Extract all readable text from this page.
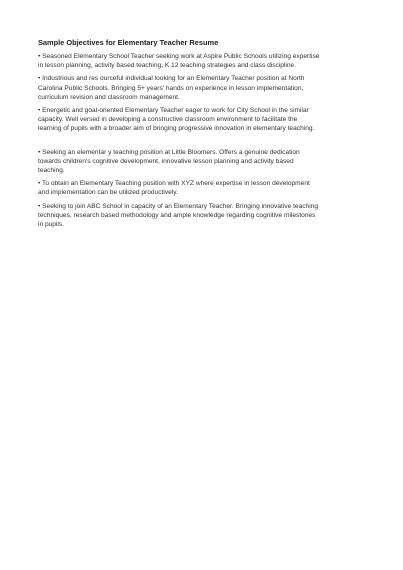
Sample Objectives for Elementary Teacher Resume

• Seasoned Elementary School Teacher seeking work at Aspire Public Schools utilizing expertise
in lesson planning, activity based teaching, K 12 teaching strategies and class discipline.

• Industrious and res ourceful individual looking for an Elementary Teacher position at North
Carolina Public Schools. Bringing 5+ years' hands on experience in lesson implementation,
curriculum revision and classroom management.

• Energetic and goal-oriented Elementary Teacher eager to work for City School in the similar
capacity. Well versed in developing a constructive classroom environment to facilitate the
learning of pupils with a broader aim of bringing progressive innovation in elementary teaching.

• Seeking an elementar y teaching position at Little Bloomers. Offers a genuine dedication
towards children's cognitive development, innovative lesson planning and activity based
teaching.

• To obtain an Elementary Teaching position with XYZ where expertise in lesson development
and implementation can be utilized productively.

• Seeking to join ABC School in capacity of an Elementary Teacher. Bringing innovative teaching
techniques, research based methodology and ample knowledge regarding cognitive milestones
in pupils.
